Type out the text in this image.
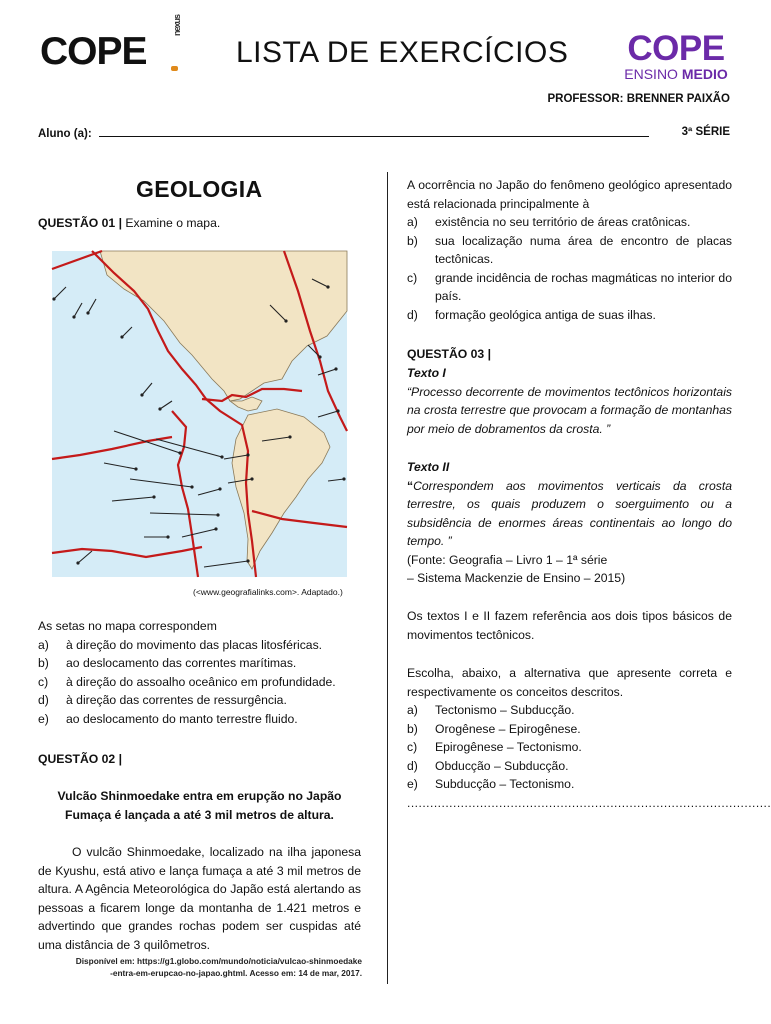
COPE
nexus
LISTA DE EXERCÍCIOS COPE
ENSINO MEDIO
PROFESSOR: BRENNER PAIXÃO
Aluno (a):	3ª SÉRIE
GEOLOGIA
QUESTÃO 01 | Examine o mapa.
(<www.geografialinks.com>. Adaptado.)
As setas no mapa correspondem
a)	à direção do movimento das placas litosféricas.
b)	ao deslocamento das correntes marítimas.
c)	à direção do assoalho oceânico em profundidade.
d)	à direção das correntes de ressurgência.
e)	ao deslocamento do manto terrestre fluido.
QUESTÃO 02 |
Vulcão Shinmoedake entra em erupção no Japão
Fumaça é lançada a até 3 mil metros de altura.
O vulcão Shinmoedake, localizado na ilha japonesa de Kyushu, está ativo e lança fumaça a até 3 mil metros de altura. A Agência Meteorológica do Japão está alertando as pessoas a ficarem longe da montanha de 1.421 metros e advertindo que grandes rochas podem ser cuspidas até uma distância de 3 quilômetros.
Disponível em: https://g1.globo.com/mundo/noticia/vulcao-shinmoedake
-entra-em-erupcao-no-japao.ghtml. Acesso em: 14 de mar, 2017.
A ocorrência no Japão do fenômeno geológico apresentado está relacionada principalmente à
a)	existência no seu território de áreas cratônicas.
b)	sua localização numa área de encontro de placas tectônicas.
c)	grande incidência de rochas magmáticas no interior do país.
d)	formação geológica antiga de suas ilhas.
QUESTÃO 03 |
Texto I
“Processo decorrente de movimentos tectônicos horizontais na crosta terrestre que provocam a formação de montanhas por meio de dobramentos da crosta. ”
Texto II
“Correspondem aos movimentos verticais da crosta terrestre, os quais produzem o soerguimento ou a subsidência de enormes áreas continentais ao longo do tempo. ”
(Fonte: Geografia – Livro 1 – 1ª série
– Sistema Mackenzie de Ensino – 2015)
Os textos I e II fazem referência aos dois tipos básicos de movimentos tectônicos.
Escolha, abaixo, a alternativa que apresente correta e respectivamente os conceitos descritos.
a)	Tectonismo – Subducção.
b)	Orogênese – Epirogênese.
c)	Epirogênese – Tectonismo.
d)	Obducção – Subducção.
e)	Subducção – Tectonismo.
...............................................................................................
